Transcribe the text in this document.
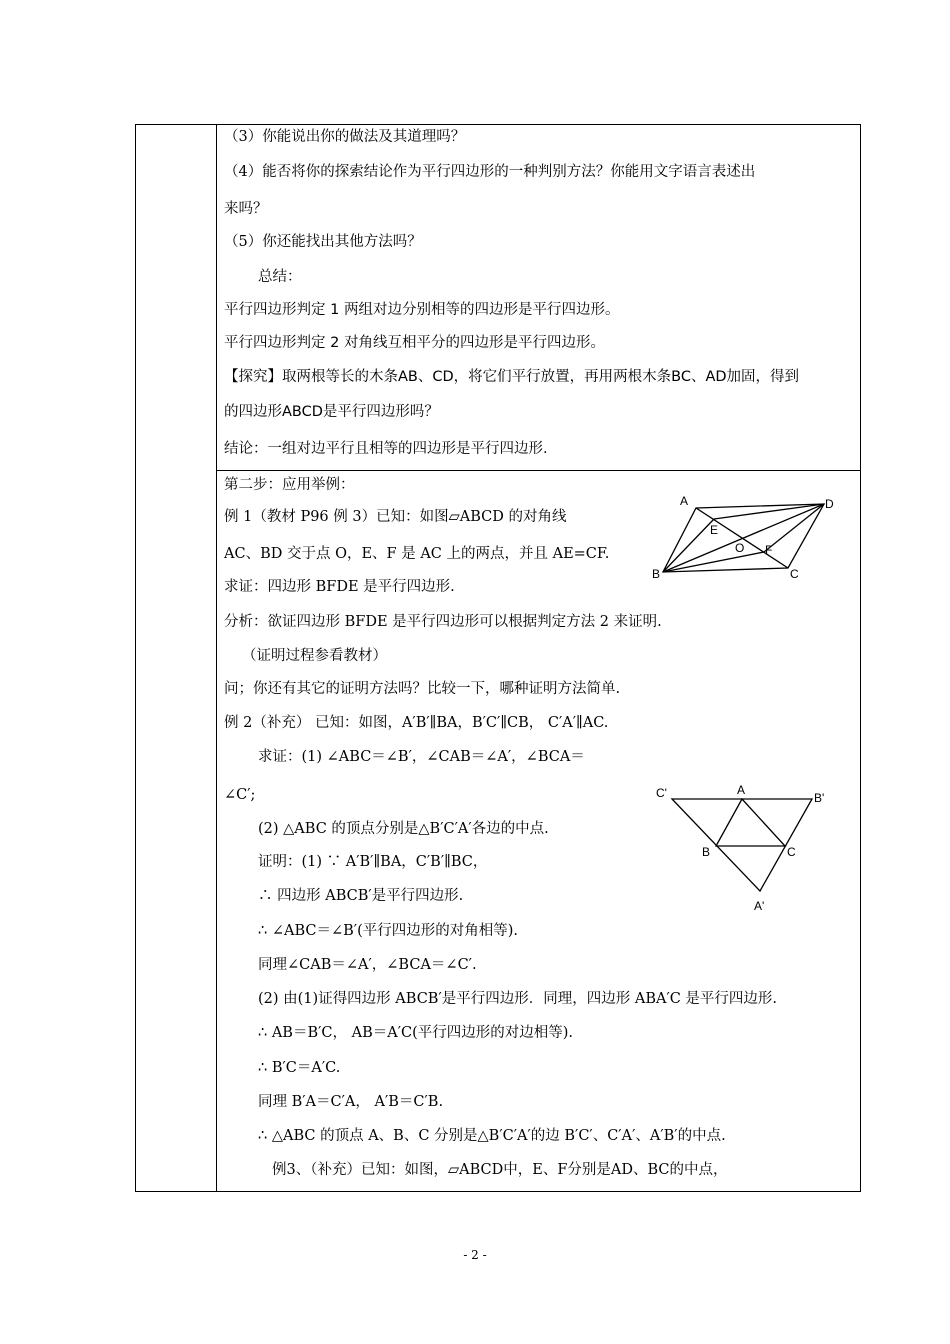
（3）你能说出你的做法及其道理吗？
（4）能否将你的探索结论作为平行四边形的一种判别方法？你能用文字语言表述出
来吗？
（5）你还能找出其他方法吗？
总结：
平行四边形判定 1 两组对边分别相等的四边形是平行四边形。
平行四边形判定 2 对角线互相平分的四边形是平行四边形。
【探究】取两根等长的木条AB、CD，将它们平行放置，再用两根木条BC、AD加固，得到
的四边形ABCD是平行四边形吗？
结论：一组对边平行且相等的四边形是平行四边形.
第二步：应用举例：
例 1（教材 P96 例 3）已知：如图▱ABCD 的对角线
AC、BD 交于点 O，E、F 是 AC 上的两点，并且 AE=CF.
求证：四边形 BFDE 是平行四边形.
分析：欲证四边形 BFDE 是平行四边形可以根据判定方法 2 来证明.
（证明过程参看教材）
问；你还有其它的证明方法吗？比较一下，哪种证明方法简单.
例 2（补充） 已知：如图，A′B′∥BA，B′C′∥CB， C′A′∥AC.
求证：(1) ∠ABC＝∠B′，∠CAB＝∠A′，∠BCA＝
∠C′;
(2) △ABC 的顶点分别是△B′C′A′各边的中点.
证明：(1) ∵ A′B′∥BA，C′B′∥BC，
∴ 四边形 ABCB′是平行四边形.
∴ ∠ABC＝∠B′(平行四边形的对角相等).
同理∠CAB＝∠A′，∠BCA＝∠C′.
(2) 由(1)证得四边形 ABCB′是平行四边形．同理，四边形 ABA′C 是平行四边形.
∴ AB＝B′C， AB＝A′C(平行四边形的对边相等).
∴ B′C＝A′C.
同理 B′A＝C′A， A′B＝C′B.
∴ △ABC 的顶点 A、B、C 分别是△B′C′A′的边 B′C′、C′A′、A′B′的中点.
例3、（补充）已知：如图，▱ABCD中，E、F分别是AD、BC的中点，
A	D
E
O F
B	C
C'	A
B'
B	C
A'
- 2 -
